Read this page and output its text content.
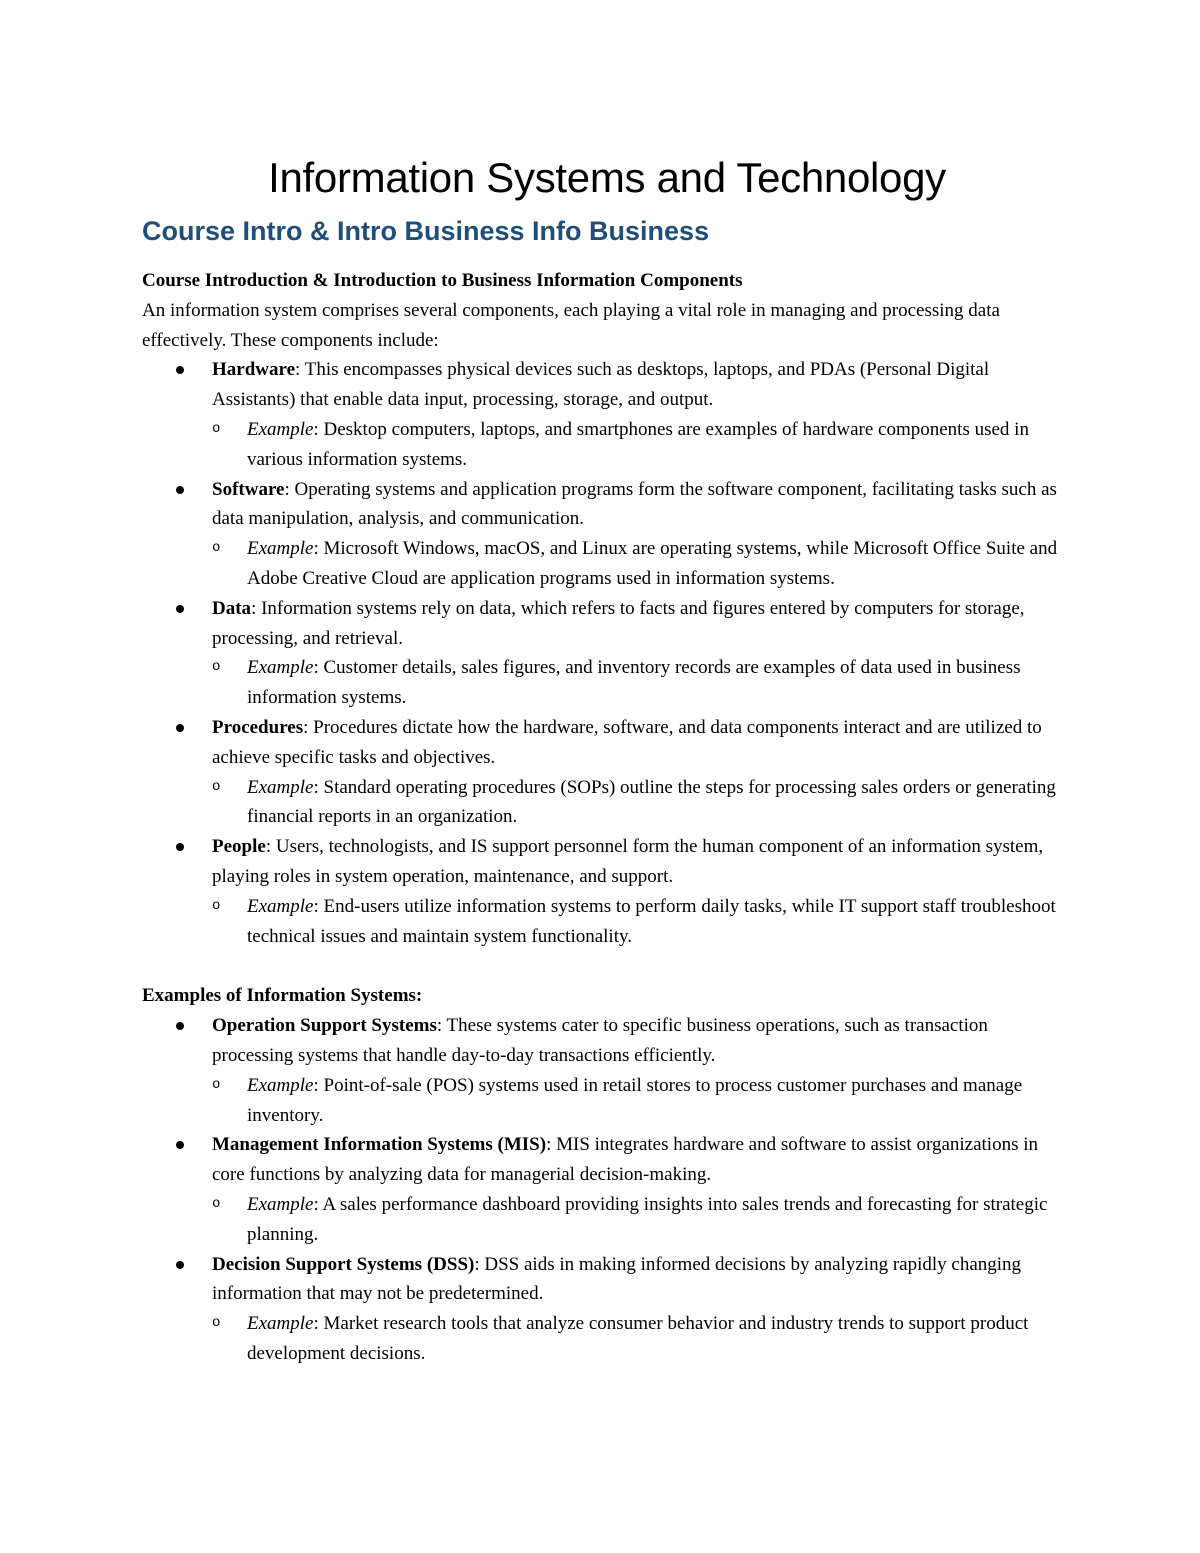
Information Systems and Technology
Course Intro & Intro Business Info Business

Course Introduction & Introduction to Business Information Components

An information system comprises several components, each playing a vital role in managing and processing data effectively. These components include:

Hardware: This encompasses physical devices such as desktops, laptops, and PDAs (Personal Digital Assistants) that enable data input, processing, storage, and output.
o Example: Desktop computers, laptops, and smartphones are examples of hardware components used in various information systems.
Software: Operating systems and application programs form the software component, facilitating tasks such as data manipulation, analysis, and communication.
o Example: Microsoft Windows, macOS, and Linux are operating systems, while Microsoft Office Suite and Adobe Creative Cloud are application programs used in information systems.
Data: Information systems rely on data, which refers to facts and figures entered by computers for storage, processing, and retrieval.
o Example: Customer details, sales figures, and inventory records are examples of data used in business information systems.
Procedures: Procedures dictate how the hardware, software, and data components interact and are utilized to achieve specific tasks and objectives.
o Example: Standard operating procedures (SOPs) outline the steps for processing sales orders or generating financial reports in an organization.
People: Users, technologists, and IS support personnel form the human component of an information system, playing roles in system operation, maintenance, and support.
o Example: End-users utilize information systems to perform daily tasks, while IT support staff troubleshoot technical issues and maintain system functionality.

Examples of Information Systems:

Operation Support Systems: These systems cater to specific business operations, such as transaction processing systems that handle day-to-day transactions efficiently.
o Example: Point-of-sale (POS) systems used in retail stores to process customer purchases and manage inventory.
Management Information Systems (MIS): MIS integrates hardware and software to assist organizations in core functions by analyzing data for managerial decision-making.
o Example: A sales performance dashboard providing insights into sales trends and forecasting for strategic planning.
Decision Support Systems (DSS): DSS aids in making informed decisions by analyzing rapidly changing information that may not be predetermined.
o Example: Market research tools that analyze consumer behavior and industry trends to support product development decisions.
